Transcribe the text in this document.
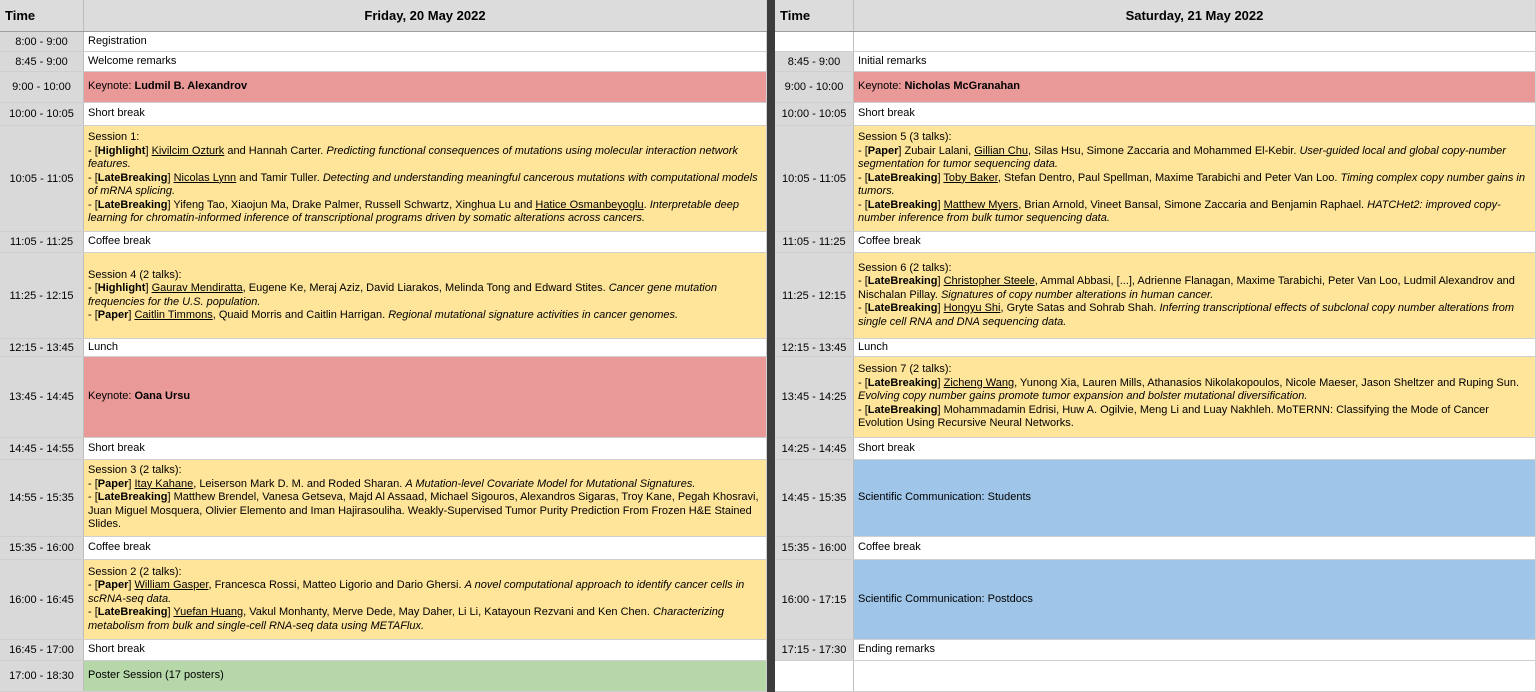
Time	Friday, 20 May 2022
8:00 - 9:00	Registration
8:45 - 9:00	Welcome remarks
9:00 - 10:00	Keynote: Ludmil B. Alexandrov
10:00 - 10:05	Short break
10:05 - 11:05
Session 1:
- [Highlight] Kivilcim Ozturk and Hannah Carter. Predicting functional consequences of mutations using molecular interaction network features.
- [LateBreaking] Nicolas Lynn and Tamir Tuller. Detecting and understanding meaningful cancerous mutations with computational models of mRNA splicing.
- [LateBreaking] Yifeng Tao, Xiaojun Ma, Drake Palmer, Russell Schwartz, Xinghua Lu and Hatice Osmanbeyoglu. Interpretable deep learning for chromatin-informed inference of transcriptional programs driven by somatic alterations across cancers.
11:05 - 11:25	Coffee break
11:25 - 12:15
Session 4 (2 talks):
- [Highlight] Gaurav Mendiratta, Eugene Ke, Meraj Aziz, David Liarakos, Melinda Tong and Edward Stites. Cancer gene mutation frequencies for the U.S. population.
- [Paper] Caitlin Timmons, Quaid Morris and Caitlin Harrigan. Regional mutational signature activities in cancer genomes.
12:15 - 13:45	Lunch
13:45 - 14:45	Keynote: Oana Ursu
14:45 - 14:55	Short break
14:55 - 15:35
Session 3 (2 talks):
- [Paper] Itay Kahane, Leiserson Mark D. M. and Roded Sharan. A Mutation-level Covariate Model for Mutational Signatures.
- [LateBreaking] Matthew Brendel, Vanesa Getseva, Majd Al Assaad, Michael Sigouros, Alexandros Sigaras, Troy Kane, Pegah Khosravi, Juan Miguel Mosquera, Olivier Elemento and Iman Hajirasouliha. Weakly-Supervised Tumor Purity Prediction From Frozen H&E Stained Slides.
15:35 - 16:00	Coffee break
16:00 - 16:45
Session 2 (2 talks):
- [Paper] William Gasper, Francesca Rossi, Matteo Ligorio and Dario Ghersi. A novel computational approach to identify cancer cells in scRNA-seq data.
- [LateBreaking] Yuefan Huang, Vakul Monhanty, Merve Dede, May Daher, Li Li, Katayoun Rezvani and Ken Chen. Characterizing metabolism from bulk and single-cell RNA-seq data using METAFlux.
16:45 - 17:00	Short break
17:00 - 18:30	Poster Session (17 posters)
Time	Saturday, 21 May 2022
8:45 - 9:00	Initial remarks
9:00 - 10:00	Keynote: Nicholas McGranahan
10:00 - 10:05	Short break
10:05 - 11:05
Session 5 (3 talks):
- [Paper] Zubair Lalani, Gillian Chu, Silas Hsu, Simone Zaccaria and Mohammed El-Kebir. User-guided local and global copy-number segmentation for tumor sequencing data.
- [LateBreaking] Toby Baker, Stefan Dentro, Paul Spellman, Maxime Tarabichi and Peter Van Loo. Timing complex copy number gains in tumors.
- [LateBreaking] Matthew Myers, Brian Arnold, Vineet Bansal, Simone Zaccaria and Benjamin Raphael. HATCHet2: improved copy-number inference from bulk tumor sequencing data.
11:05 - 11:25	Coffee break
11:25 - 12:15
Session 6 (2 talks):
- [LateBreaking] Christopher Steele, Ammal Abbasi, [...], Adrienne Flanagan, Maxime Tarabichi, Peter Van Loo, Ludmil Alexandrov and Nischalan Pillay. Signatures of copy number alterations in human cancer.
- [LateBreaking] Hongyu Shi, Gryte Satas and Sohrab Shah. Inferring transcriptional effects of subclonal copy number alterations from single cell RNA and DNA sequencing data.
12:15 - 13:45	Lunch
13:45 - 14:25
Session 7 (2 talks):
- [LateBreaking] Zicheng Wang, Yunong Xia, Lauren Mills, Athanasios Nikolakopoulos, Nicole Maeser, Jason Sheltzer and Ruping Sun. Evolving copy number gains promote tumor expansion and bolster mutational diversification.
- [LateBreaking] Mohammadamin Edrisi, Huw A. Ogilvie, Meng Li and Luay Nakhleh. MoTERNN: Classifying the Mode of Cancer Evolution Using Recursive Neural Networks.
14:25 - 14:45	Short break
14:45 - 15:35	Scientific Communication: Students
15:35 - 16:00	Coffee break
16:00 - 17:15	Scientific Communication: Postdocs
17:15 - 17:30	Ending remarks
